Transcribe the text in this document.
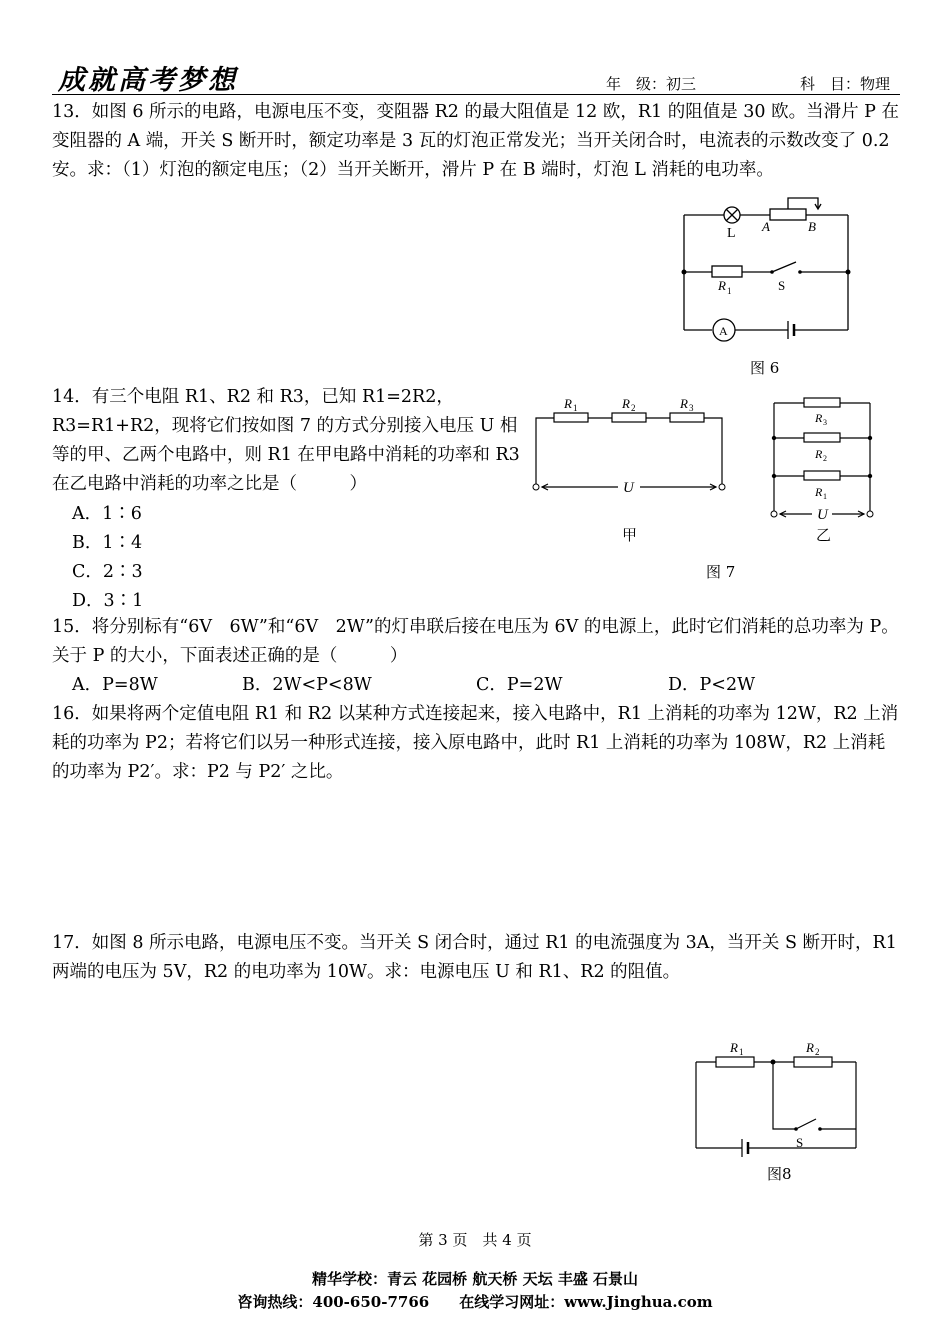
成就高考梦想	年　级：初三	科　目：物理

13．如图 6 所示的电路，电源电压不变，变阻器 R2 的最大阻值是 12 欧，R1 的阻值是 30 欧。当滑片 P 在变阻器的 A 端，开关 S 断开时，额定功率是 3 瓦的灯泡正常发光；当开关闭合时，电流表的示数改变了 0.2 安。求：（1）灯泡的额定电压；（2）当开关断开，滑片 P 在 B 端时，灯泡 L 消耗的电功率。

L A	B
R 1	S
A
图 6

14．有三个电阻 R1、R2 和 R3，已知 R1=2R2，R3=R1+R2，现将它们按如图 7 的方式分别接入电压 U 相等的甲、乙两个电路中，则 R1 在甲电路中消耗的功率和 R3 在乙电路中消耗的功率之比是（　　　）

A．1∶6
B．1∶4
C．2∶3
D．3∶1
R 1	R 2	R 3
U
甲
R 3
R 2
R 1
U
乙
图 7

15．将分别标有“6V　6W”和“6V　2W”的灯串联后接在电压为 6V 的电源上，此时它们消耗的总功率为 P。关于 P 的大小，下面表述正确的是（　　　）

A．P=8W	B．2W<P<8W	C．P=2W	D．P<2W

16．如果将两个定值电阻 R1 和 R2 以某种方式连接起来，接入电路中，R1 上消耗的功率为 12W，R2 上消耗的功率为 P2；若将它们以另一种形式连接，接入原电路中，此时 R1 上消耗的功率为 108W，R2 上消耗的功率为 P2′。求：P2 与 P2′ 之比。

17．如图 8 所示电路，电源电压不变。当开关 S 闭合时，通过 R1 的电流强度为 3A，当开关 S 断开时，R1 两端的电压为 5V，R2 的电功率为 10W。求：电源电压 U 和 R1、R2 的阻值。

R 1	R 2
S
图8
第 3 页　共 4 页
精华学校：青云 花园桥 航天桥 天坛 丰盛 石景山
咨询热线：400-650-7766　　在线学习网址：www.Jinghua.com
